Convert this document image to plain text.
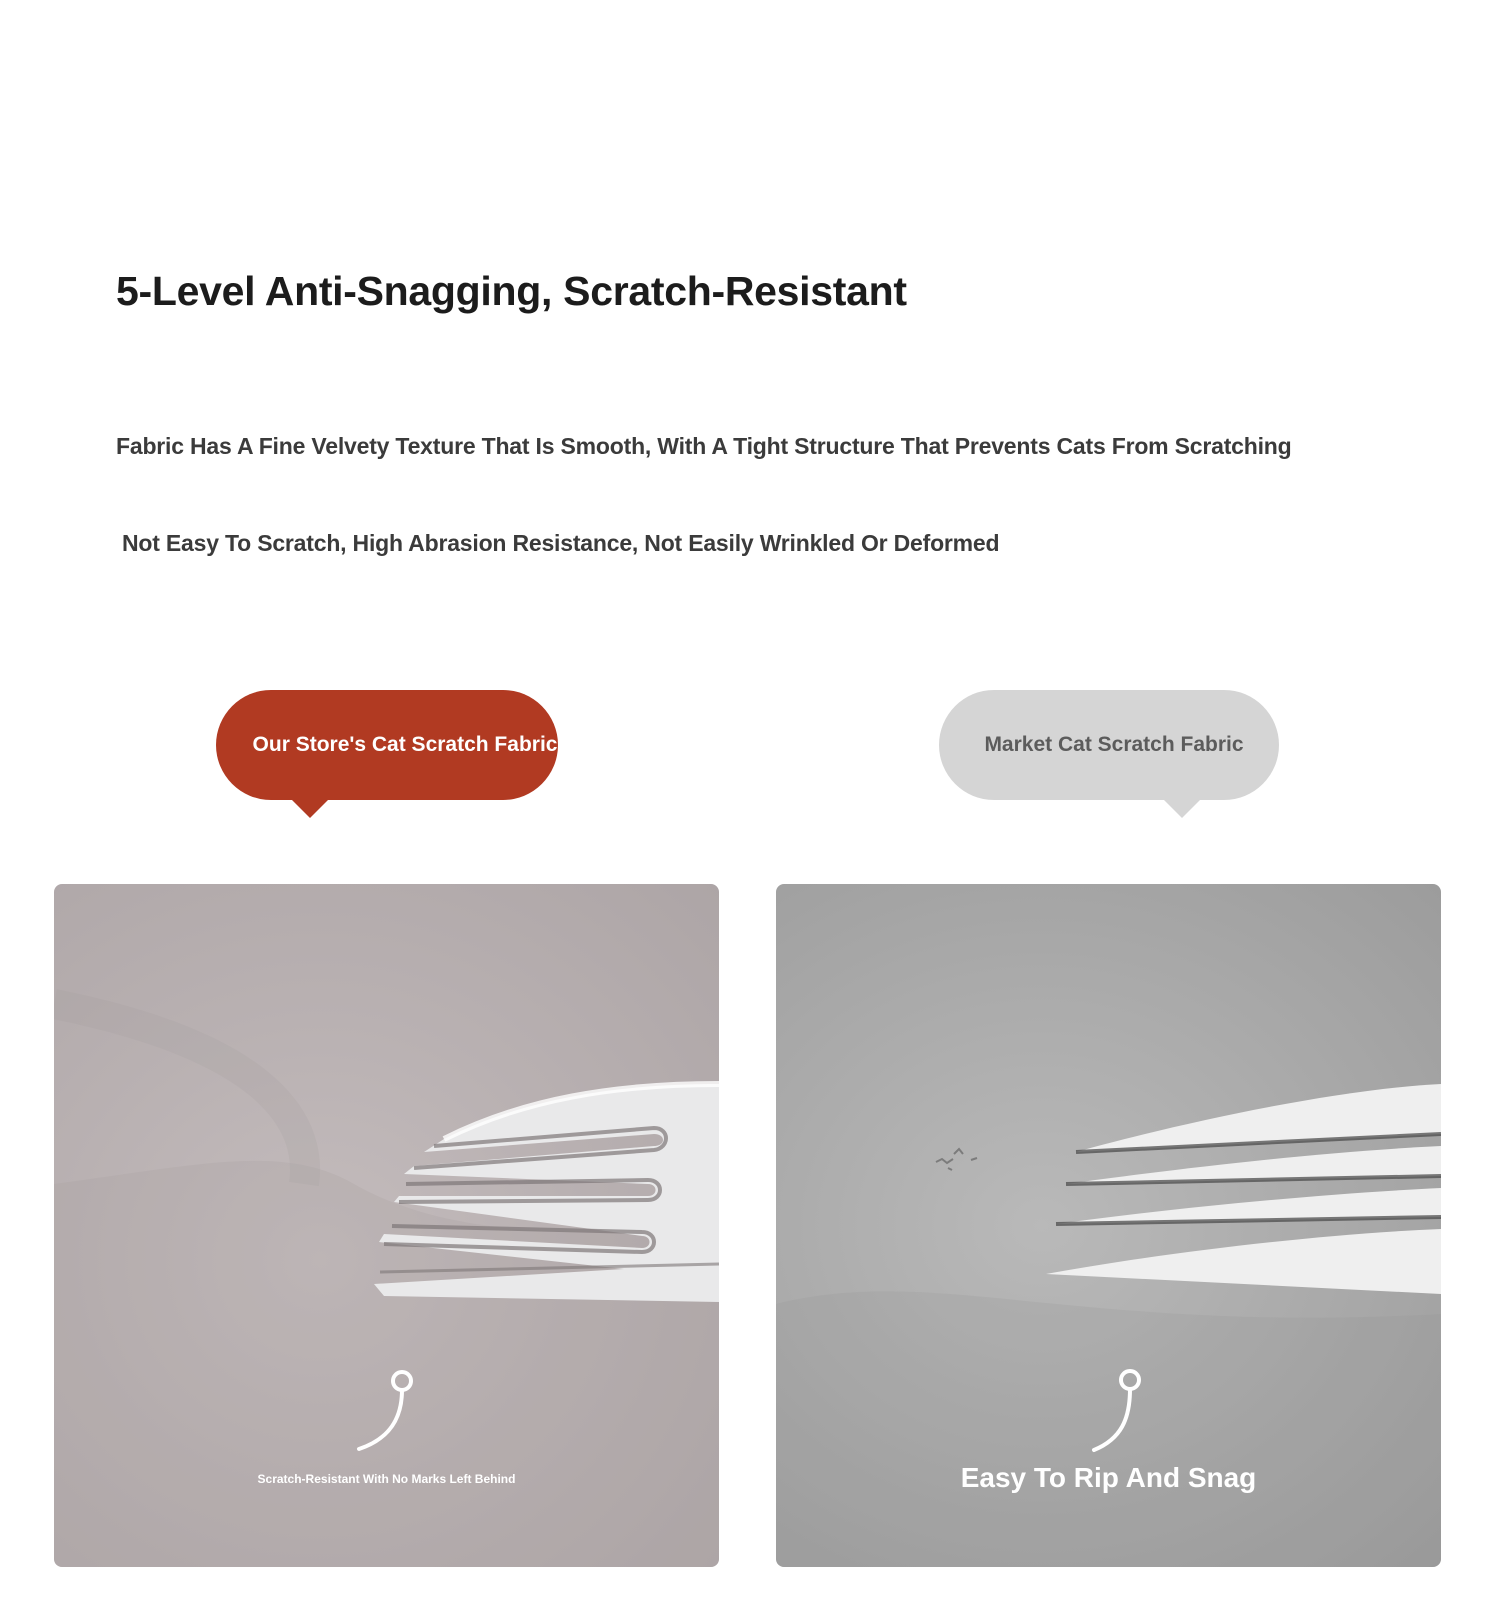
5-Level Anti-Snagging, Scratch-Resistant

Fabric Has A Fine Velvety Texture That Is Smooth, With A Tight Structure That Prevents Cats From Scratching

Not Easy To Scratch, High Abrasion Resistance, Not Easily Wrinkled Or Deformed

Our Store's Cat Scratch Fabric	Market Cat Scratch Fabric
Scratch-Resistant With No Marks Left Behind	Easy To Rip And Snag
